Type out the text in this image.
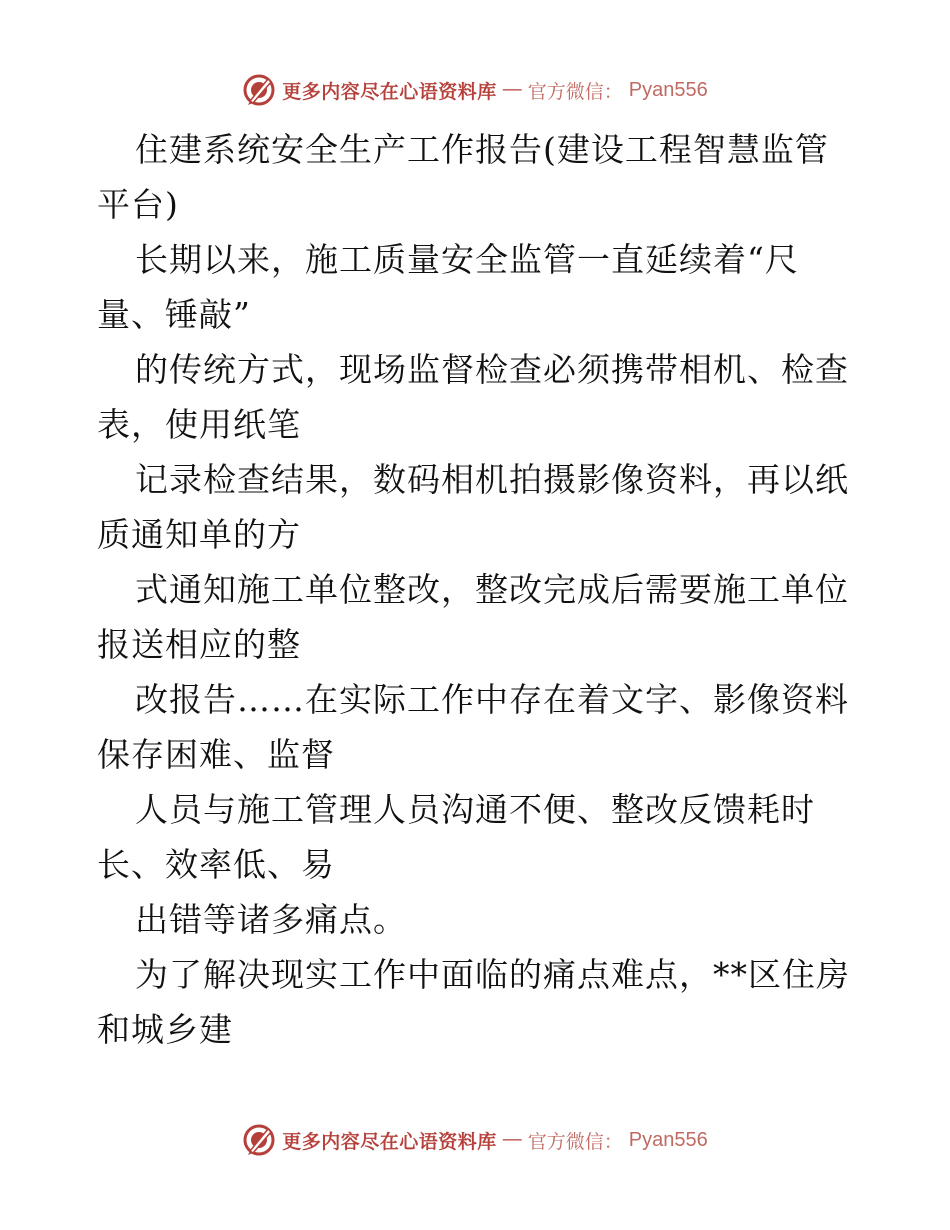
更多内容尽在心语资料库 — 官方微信： Pyan556

住建系统安全生产工作报告(建设工程智慧监管平台)

长期以来，施工质量安全监管一直延续着“尺量、锤敲”

的传统方式，现场监督检查必须携带相机、检查表，使用纸笔

记录检查结果，数码相机拍摄影像资料，再以纸质通知单的方

式通知施工单位整改，整改完成后需要施工单位报送相应的整

改报告……在实际工作中存在着文字、影像资料保存困难、监督

人员与施工管理人员沟通不便、整改反馈耗时长、效率低、易

出错等诸多痛点。

为了解决现实工作中面临的痛点难点，**区住房和城乡建

更多内容尽在心语资料库 — 官方微信： Pyan556
